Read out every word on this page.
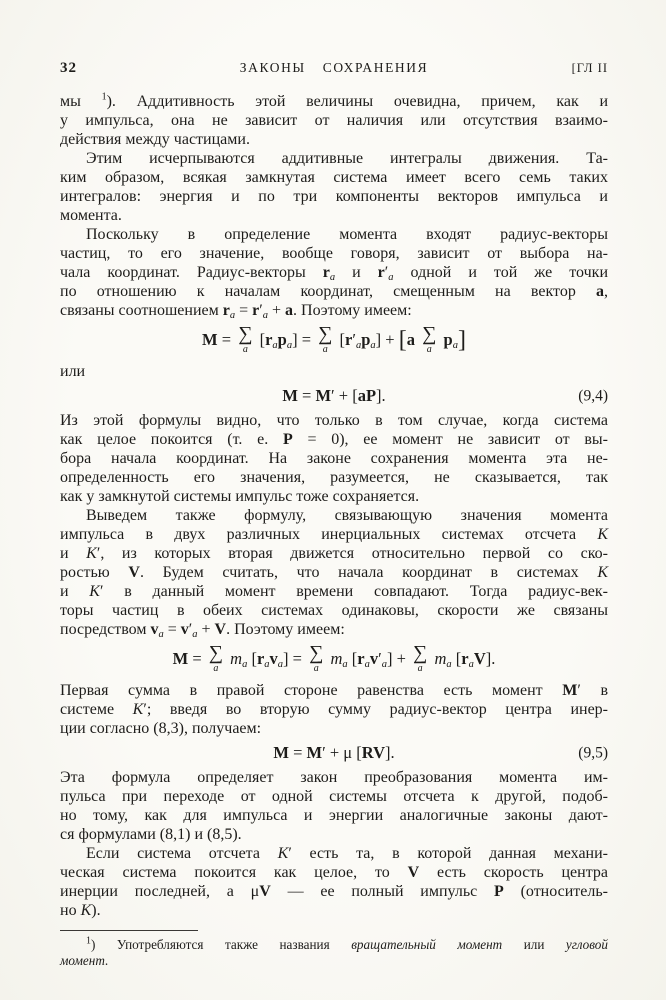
32	ЗАКОНЫ СОХРАНЕНИЯ	[ГЛ II
мы $^1$). Аддитивность этой величины очевидна, причем, как и
у импульса, она не зависит от наличия или отсутствия взаимо-
действия между частицами.
Этим исчерпываются аддитивные интегралы движения. Та-
ким образом, всякая замкнутая система имеет всего семь таких
интегралов: энергия и по три компоненты векторов импульса и
момента.
Поскольку в определение момента входят радиус-векторы
частиц, то его значение, вообще говоря, зависит от выбора на-
чала координат. Радиус-векторы $r_a$ и $r'_a$ одной и той же точки
по отношению к началам координат, смещенным на вектор a,
связаны соотношением $r_a = r'_a + a$. Поэтому имеем:
M = ∑
a
$[r_ap_a]$ = ∑
a
$[r'_ap_a] + [a$ ∑
a
$p_a$]
или
M = M′ + [aP].	(9,4)
Из этой формулы видно, что только в том случае, когда система
как целое покоится (т. е. P = 0), ее момент не зависит от вы-
бора начала координат. На законе сохранения момента эта не-
определенность его значения, разумеется, не сказывается, так
как у замкнутой системы импульс тоже сохраняется.
Выведем также формулу, связывающую значения момента
импульса в двух различных инерциальных системах отсчета K
и K′, из которых вторая движется относительно первой со ско-
ростью V. Будем считать, что начала координат в системах K
и K′ в данный момент времени совпадают. Тогда радиус-век-
торы частиц в обеих системах одинаковы, скорости же связаны
посредством $v_a = v'_a + V$. Поэтому имеем:
M = ∑
a
$m_a$ $[r_av_a]$ = ∑
a
$m_a$ $[r_av'_a]$ + ∑
a
$m_a$ $[r_aV]$.
Первая сумма в правой стороне равенства есть момент M′ в
системе K′; введя во вторую сумму радиус-вектор центра инер-
ции согласно (8,3), получаем:
M = M′ + μ [RV].	(9,5)
Эта формула определяет закон преобразования момента им-
пульса при переходе от одной системы отсчета к другой, подоб-
но тому, как для импульса и энергии аналогичные законы дают-
ся формулами (8,1) и (8,5).
Если система отсчета K′ есть та, в которой данная механи-
ческая система покоится как целое, то V есть скорость центра
инерции последней, а μV — ее полный импульс P (относитель-
но K).
$^1$) Употребляются также названия вращательный момент или угловой
момент.
